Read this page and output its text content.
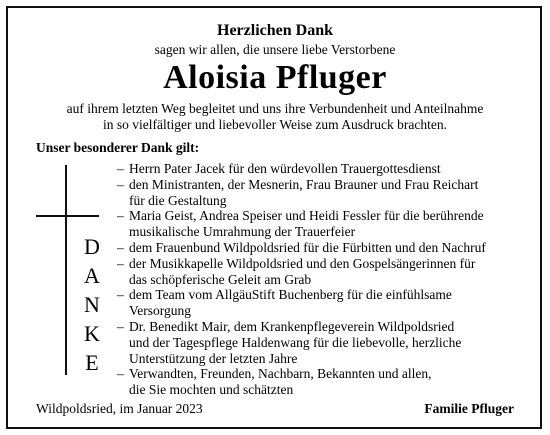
Herzlichen Dank
sagen wir allen, die unsere liebe Verstorbene
Aloisia Pfluger
auf ihrem letzten Weg begleitet und uns ihre Verbundenheit und Anteilnahme
in so vielfältiger und liebevoller Weise zum Ausdruck brachten.
Unser besonderer Dank gilt:
D
A
N
K
E
– Herrn Pater Jacek für den würdevollen Trauergottesdienst
– den Ministranten, der Mesnerin, Frau Brauner und Frau Reichart
für die Gestaltung
– Maria Geist, Andrea Speiser und Heidi Fessler für die berührende
musikalische Umrahmung der Trauerfeier
– dem Frauenbund Wildpoldsried für die Fürbitten und den Nachruf
– der Musikkapelle Wildpoldsried und den Gospelsängerinnen für
das schöpferische Geleit am Grab
– dem Team vom AllgäuStift Buchenberg für die einfühlsame
Versorgung
– Dr. Benedikt Mair, dem Krankenpflegeverein Wildpoldsried
und der Tagespflege Haldenwang für die liebevolle, herzliche
Unterstützung der letzten Jahre
– Verwandten, Freunden, Nachbarn, Bekannten und allen,
die Sie mochten und schätzten
Wildpoldsried, im Januar 2023	Familie Pfluger
